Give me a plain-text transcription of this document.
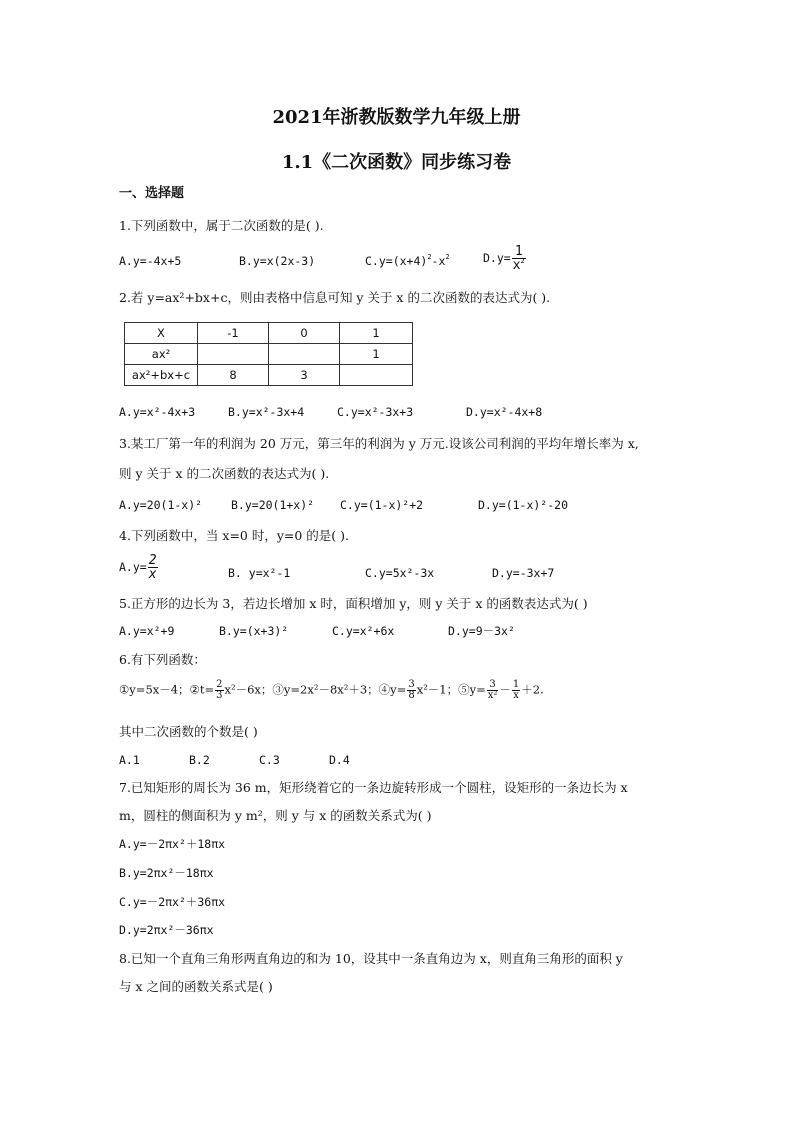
2021年浙教版数学九年级上册
1.1《二次函数》同步练习卷
一、选择题
1.下列函数中，属于二次函数的是( ).
A.y=-4x+5	B.y=x(2x-3)	$C.y=(x+4)^2-x^2$	$D.y= \frac{1}{x^2}$
2.若 y=ax²+bx+c，则由表格中信息可知 y 关于 x 的二次函数的表达式为( ).
X	-1	0	1
ax²			1
ax²+bx+c	8	3	
A.y=x²-4x+3	B.y=x²-3x+4	C.y=x²-3x+3	D.y=x²-4x+8
3.某工厂第一年的利润为 20 万元，第三年的利润为 y 万元.设该公司利润的平均年增长率为 x,
则 y 关于 x 的二次函数的表达式为( ).
A.y=20(1-x)²	B.y=20(1+x)² C.y=(1-x)²+2	D.y=(1-x)²-20
4.下列函数中，当 x=0 时，y=0 的是( ).
$A.y= \frac{2}{x}$	B. y=x²-1	C.y=5x²-3x	D.y=-3x+7
5.正方形的边长为 3，若边长增加 x 时，面积增加 y，则 y 关于 x 的函数表达式为( )
A.y=x²+9	B.y=(x+3)²	C.y=x²+6x	D.y=9－3x²
6.有下列函数：
①y=5x－4；②t= $\frac{2}{3} x^2-6x$；③y=2x²－8x²＋3；④y= $\frac{3}{8} x^2-1$；⑤y= $\frac{3}{\text{x²}} - \frac{1}{x} +2$.
其中二次函数的个数是( )
A.1	B.2	C.3	D.4
7.已知矩形的周长为 36 m，矩形绕着它的一条边旋转形成一个圆柱，设矩形的一条边长为 x
m，圆柱的侧面积为 y m²，则 y 与 x 的函数关系式为( )
A.y=－2πx²＋18πx
B.y=2πx²－18πx
C.y=－2πx²＋36πx
D.y=2πx²－36πx
8.已知一个直角三角形两直角边的和为 10，设其中一条直角边为 x，则直角三角形的面积 y
与 x 之间的函数关系式是( )
